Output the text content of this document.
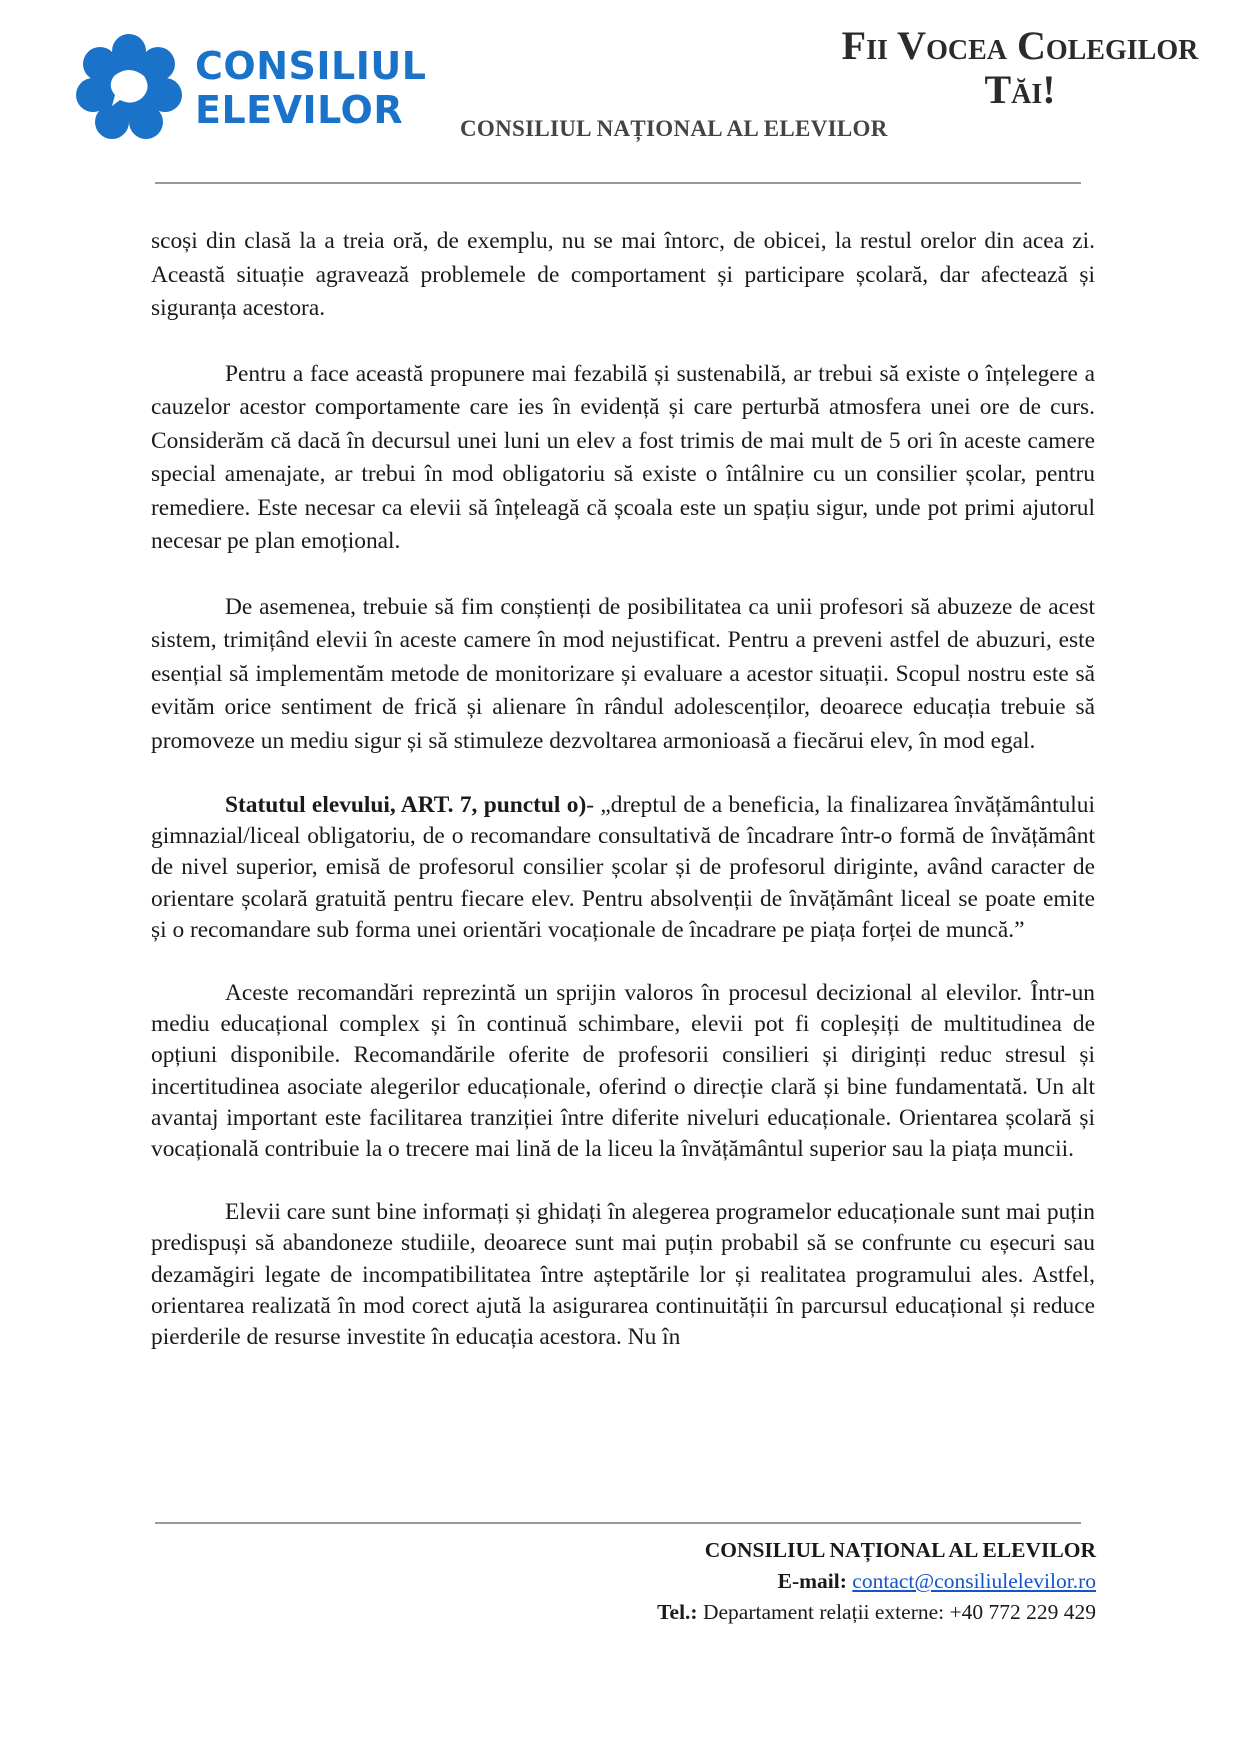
CONSILIUL
ELEVILOR
Fii Vocea Colegilor
Tăi!
CONSILIUL NAȚIONAL AL ELEVILOR

scoși din clasă la a treia oră, de exemplu, nu se mai întorc, de obicei, la restul orelor din acea zi. Această situație agravează problemele de comportament și participare școlară, dar afectează și siguranța acestora.

Pentru a face această propunere mai fezabilă și sustenabilă, ar trebui să existe o înțelegere a cauzelor acestor comportamente care ies în evidență și care perturbă atmosfera unei ore de curs. Considerăm că dacă în decursul unei luni un elev a fost trimis de mai mult de 5 ori în aceste camere special amenajate, ar trebui în mod obligatoriu să existe o întâlnire cu un consilier școlar, pentru remediere. Este necesar ca elevii să înțeleagă că școala este un spațiu sigur, unde pot primi ajutorul necesar pe plan emoțional.

De asemenea, trebuie să fim conștienți de posibilitatea ca unii profesori să abuzeze de acest sistem, trimițând elevii în aceste camere în mod nejustificat. Pentru a preveni astfel de abuzuri, este esențial să implementăm metode de monitorizare și evaluare a acestor situații. Scopul nostru este să evităm orice sentiment de frică și alienare în rândul adolescenților, deoarece educația trebuie să promoveze un mediu sigur și să stimuleze dezvoltarea armonioasă a fiecărui elev, în mod egal.

Statutul elevului, ART. 7, punctul o)- „dreptul de a beneficia, la finalizarea învățământului gimnazial/liceal obligatoriu, de o recomandare consultativă de încadrare într-o formă de învățământ de nivel superior, emisă de profesorul consilier școlar și de profesorul diriginte, având caracter de orientare școlară gratuită pentru fiecare elev. Pentru absolvenții de învățământ liceal se poate emite și o recomandare sub forma unei orientări vocaționale de încadrare pe piața forței de muncă.”

Aceste recomandări reprezintă un sprijin valoros în procesul decizional al elevilor. Într-un mediu educațional complex și în continuă schimbare, elevii pot fi copleșiți de multitudinea de opțiuni disponibile. Recomandările oferite de profesorii consilieri și diriginți reduc stresul și incertitudinea asociate alegerilor educaționale, oferind o direcție clară și bine fundamentată. Un alt avantaj important este facilitarea tranziției între diferite niveluri educaționale. Orientarea școlară și vocațională contribuie la o trecere mai lină de la liceu la învățământul superior sau la piața muncii.

Elevii care sunt bine informați și ghidați în alegerea programelor educaționale sunt mai puțin predispuși să abandoneze studiile, deoarece sunt mai puțin probabil să se confrunte cu eșecuri sau dezamăgiri legate de incompatibilitatea între așteptările lor și realitatea programului ales. Astfel, orientarea realizată în mod corect ajută la asigurarea continuității în parcursul educațional și reduce pierderile de resurse investite în educația acestora. Nu în

CONSILIUL NAȚIONAL AL ELEVILOR
E-mail: contact@consiliulelevilor.ro
Tel.: Departament relații externe: +40 772 229 429
